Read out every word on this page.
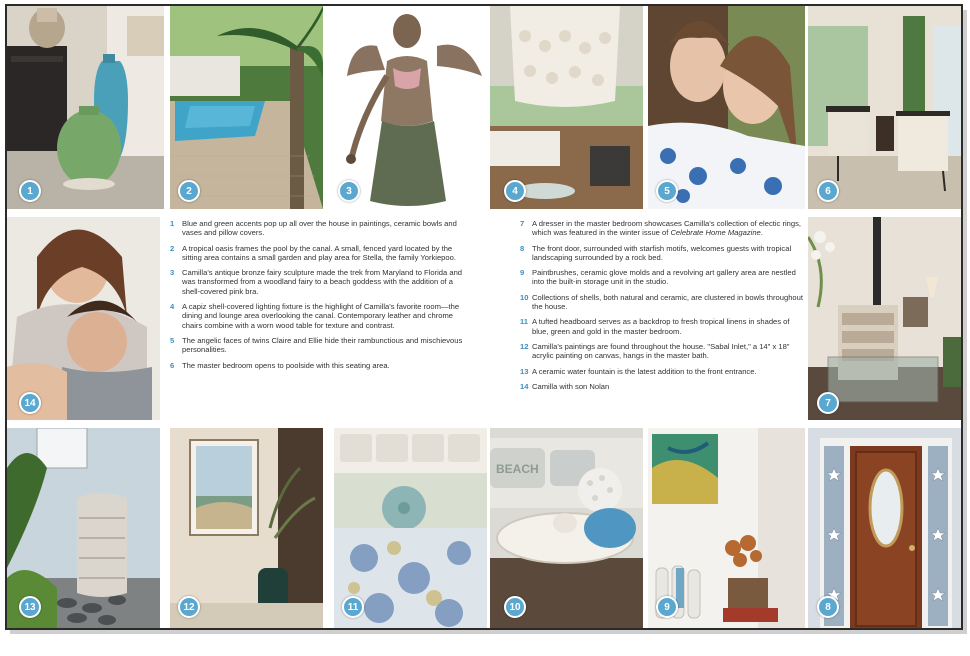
1	2	3	4	5	6
14
1	Blue and green accents pop up all over the house in paintings, ceramic bowls and vases and pillow covers.
2	A tropical oasis frames the pool by the canal. A small, fenced yard located by the sitting area contains a small garden and play area for Stella, the family Yorkiepoo.
3	Camilla's antique bronze fairy sculpture made the trek from Maryland to Florida and was transformed from a woodland fairy to a beach goddess with the addition of a shell-covered pink bra.
4	A capiz shell-covered lighting fixture is the highlight of Camilla's favorite room—the dining and lounge area overlooking the canal. Contemporary leather and chrome chairs combine with a worn wood table for texture and contrast.
5	The angelic faces of twins Claire and Ellie hide their rambunctious and mischievous personalities.
6	The master bedroom opens to poolside with this seating area.
7	A dresser in the master bedroom showcases Camilla's collection of electic rings, which was featured in the winter issue of Celebrate Home Magazine.
8	The front door, surrounded with starfish motifs, welcomes guests with tropical landscaping surrounded by a rock bed.
9	Paintbrushes, ceramic glove molds and a revolving art gallery area are nestled into the built-in storage unit in the studio.
10 Collections of shells, both natural and ceramic, are clustered in bowls throughout the house.
11 A tufted headboard serves as a backdrop to fresh tropical linens in shades of blue, green and gold in the master bedroom.
12 Camilla's paintings are found throughout the house. "Sabal Inlet," a 14" x 18" acrylic painting on canvas, hangs in the master bath.
13 A ceramic water fountain is the latest addition to the front entrance.
14 Camilla with son Nolan
7
BEACH
13	12	11	10	9	8
